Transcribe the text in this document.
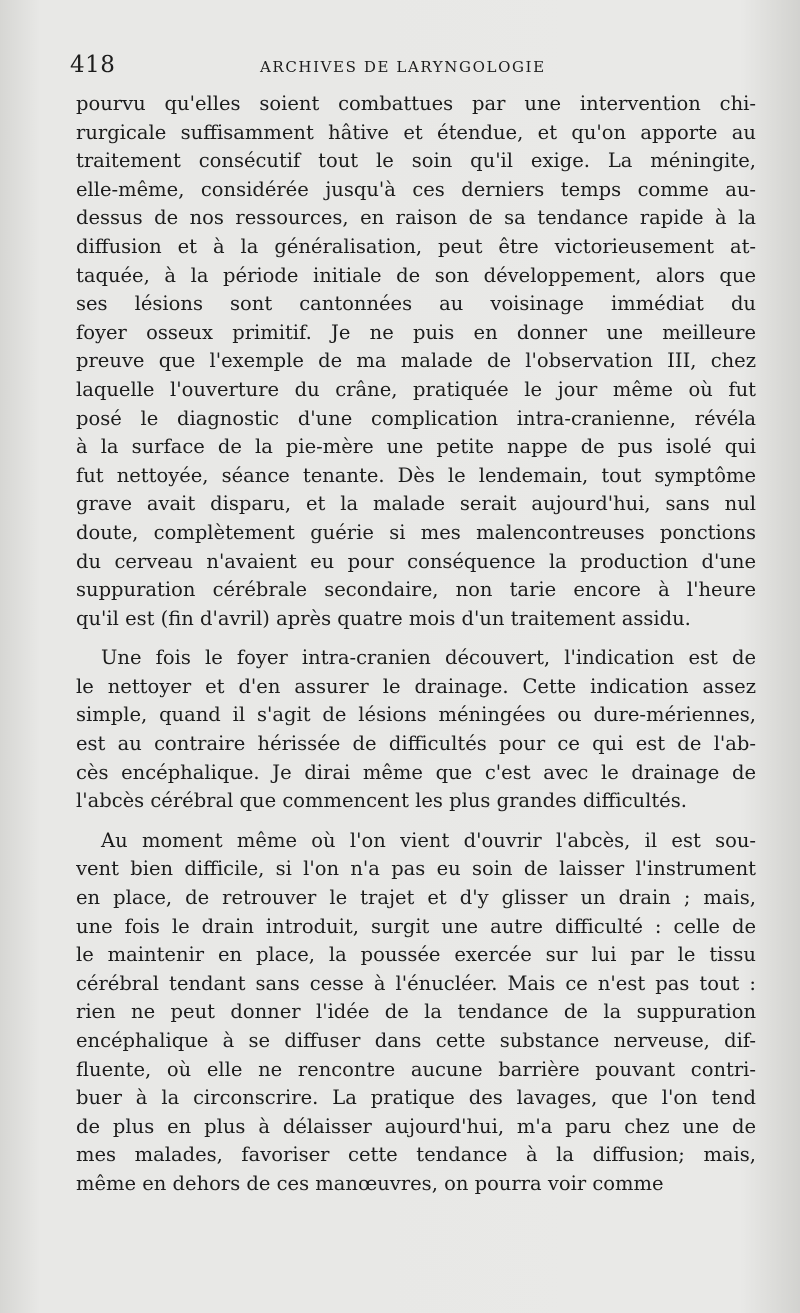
418	ARCHIVES DE LARYNGOLOGIE
pourvu qu'elles soient combattues par une intervention chi-
rurgicale suffisamment hâtive et étendue, et qu'on apporte au
traitement consécutif tout le soin qu'il exige. La méningite,
elle-même, considérée jusqu'à ces derniers temps comme au-
dessus de nos ressources, en raison de sa tendance rapide à la
diffusion et à la généralisation, peut être victorieusement at-
taquée, à la période initiale de son développement, alors que
ses lésions sont cantonnées au voisinage immédiat du
foyer osseux primitif. Je ne puis en donner une meilleure
preuve que l'exemple de ma malade de l'observation III, chez
laquelle l'ouverture du crâne, pratiquée le jour même où fut
posé le diagnostic d'une complication intra-cranienne, révéla
à la surface de la pie-mère une petite nappe de pus isolé qui
fut nettoyée, séance tenante. Dès le lendemain, tout symptôme
grave avait disparu, et la malade serait aujourd'hui, sans nul
doute, complètement guérie si mes malencontreuses ponctions
du cerveau n'avaient eu pour conséquence la production d'une
suppuration cérébrale secondaire, non tarie encore à l'heure
qu'il est (fin d'avril) après quatre mois d'un traitement assidu.
Une fois le foyer intra-cranien découvert, l'indication est de
le nettoyer et d'en assurer le drainage. Cette indication assez
simple, quand il s'agit de lésions méningées ou dure-mériennes,
est au contraire hérissée de difficultés pour ce qui est de l'ab-
cès encéphalique. Je dirai même que c'est avec le drainage de
l'abcès cérébral que commencent les plus grandes difficultés.
Au moment même où l'on vient d'ouvrir l'abcès, il est sou-
vent bien difficile, si l'on n'a pas eu soin de laisser l'instrument
en place, de retrouver le trajet et d'y glisser un drain ; mais,
une fois le drain introduit, surgit une autre difficulté : celle de
le maintenir en place, la poussée exercée sur lui par le tissu
cérébral tendant sans cesse à l'énucléer. Mais ce n'est pas tout :
rien ne peut donner l'idée de la tendance de la suppuration
encéphalique à se diffuser dans cette substance nerveuse, dif-
fluente, où elle ne rencontre aucune barrière pouvant contri-
buer à la circonscrire. La pratique des lavages, que l'on tend
de plus en plus à délaisser aujourd'hui, m'a paru chez une de
mes malades, favoriser cette tendance à la diffusion; mais,
même en dehors de ces manœuvres, on pourra voir comme
